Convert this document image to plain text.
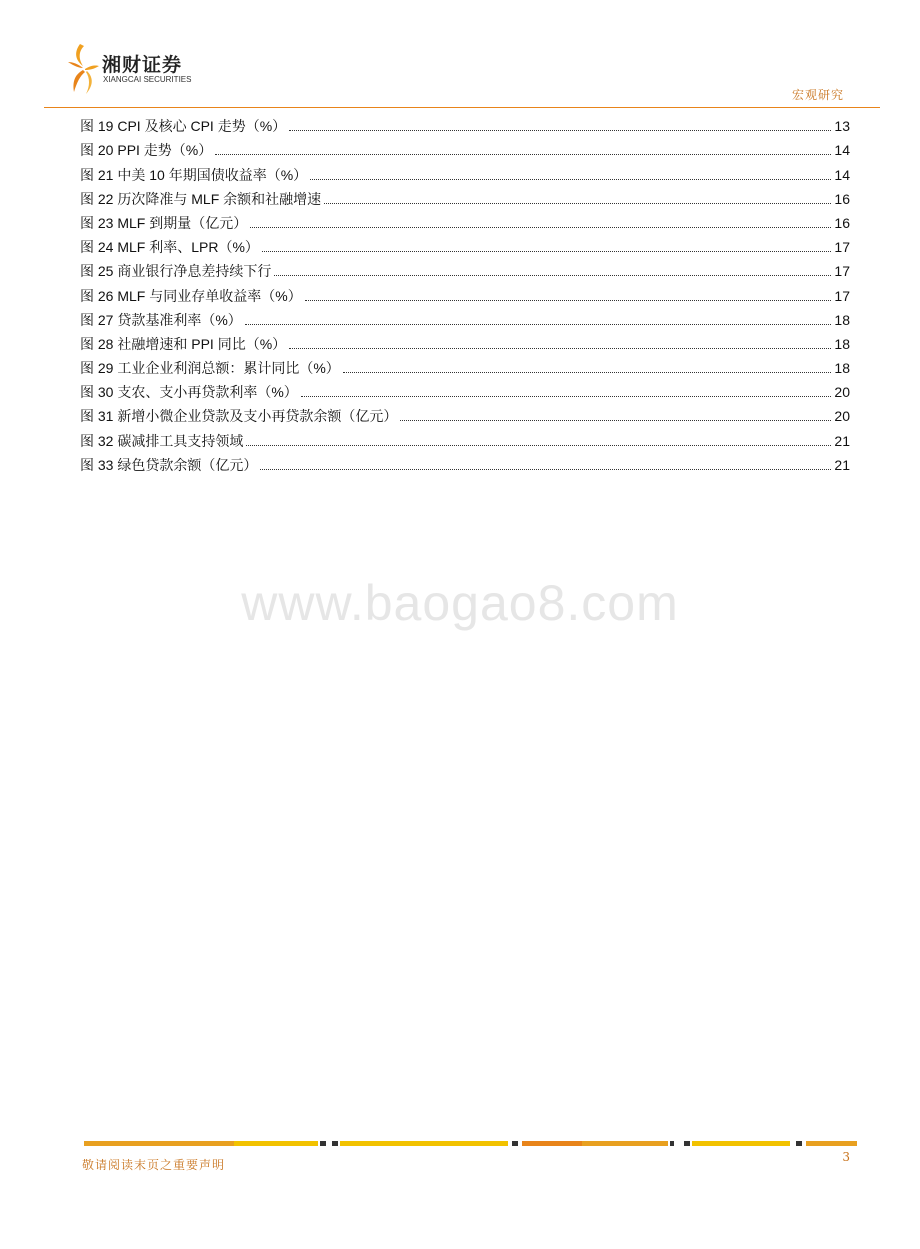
湘财证券
XIANGCAI SECURITIES
宏观研究
图 19 CPI 及核心 CPI 走势（%）	13
图 20 PPI 走势（%）	14
图 21 中美 10 年期国债收益率（%）	14
图 22 历次降准与 MLF 余额和社融增速	16
图 23 MLF 到期量（亿元）	16
图 24 MLF 利率、LPR（%）	17
图 25 商业银行净息差持续下行	17
图 26 MLF 与同业存单收益率（%）	17
图 27 贷款基准利率（%）	18
图 28 社融增速和 PPI 同比（%）	18
图 29 工业企业利润总额：累计同比（%）	18
图 30 支农、支小再贷款利率（%）	20
图 31 新增小微企业贷款及支小再贷款余额（亿元）	20
图 32 碳减排工具支持领域	21
图 33 绿色贷款余额（亿元）	21
www.baogao8.com
敬请阅读末页之重要声明
3
